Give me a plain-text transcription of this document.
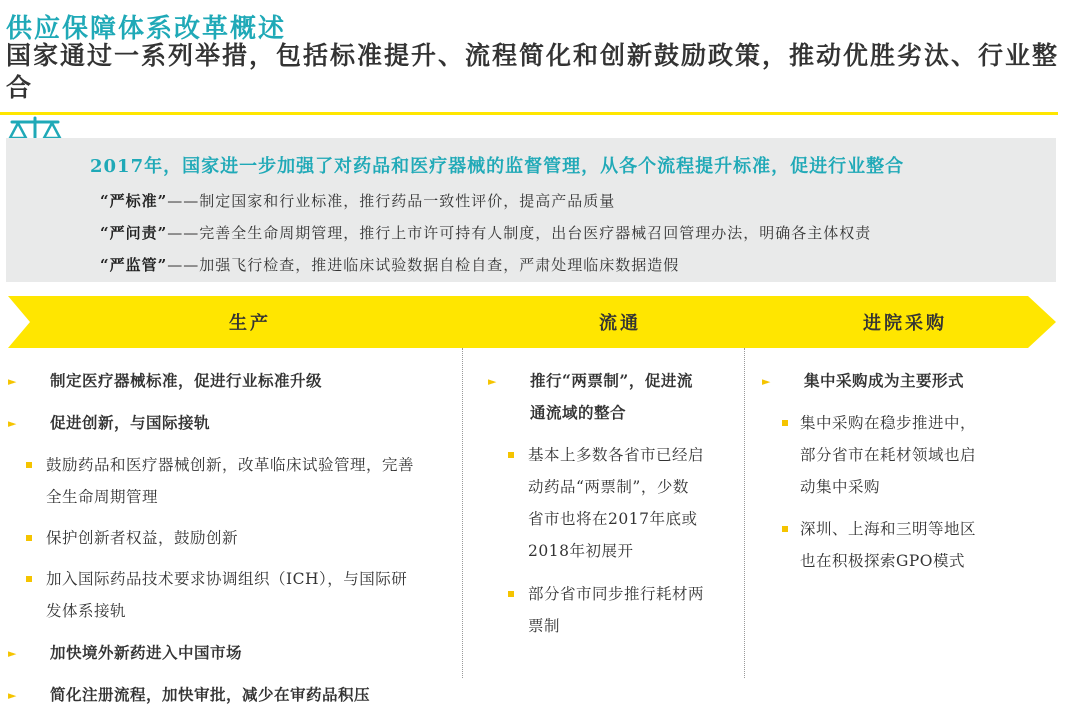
供应保障体系改革概述
国家通过一系列举措，包括标准提升、流程简化和创新鼓励政策，推动优胜劣汰、行业整合
2017年，国家进一步加强了对药品和医疗器械的监督管理，从各个流程提升标准，促进行业整合
“严标准”——制定国家和行业标准，推行药品一致性评价，提高产品质量
“严问责”——完善全生命周期管理，推行上市许可持有人制度，出台医疗器械召回管理办法，明确各主体权责
“严监管”——加强飞行检查，推进临床试验数据自检自查，严肃处理临床数据造假
生产	流通	进院采购
► 制定医疗器械标准，促进行业标准升级
► 促进创新，与国际接轨
鼓励药品和医疗器械创新，改革临床试验管理，完善
全生命周期管理
保护创新者权益，鼓励创新
加入国际药品技术要求协调组织（ICH），与国际研
发体系接轨
► 加快境外新药进入中国市场
► 简化注册流程，加快审批，减少在审药品积压
► 推行“两票制”，促进流
通流域的整合
基本上多数各省市已经启
动药品“两票制”，少数
省市也将在2017年底或
2018年初展开
部分省市同步推行耗材两
票制
► 集中采购成为主要形式
集中采购在稳步推进中，
部分省市在耗材领域也启
动集中采购
深圳、上海和三明等地区
也在积极探索GPO模式
